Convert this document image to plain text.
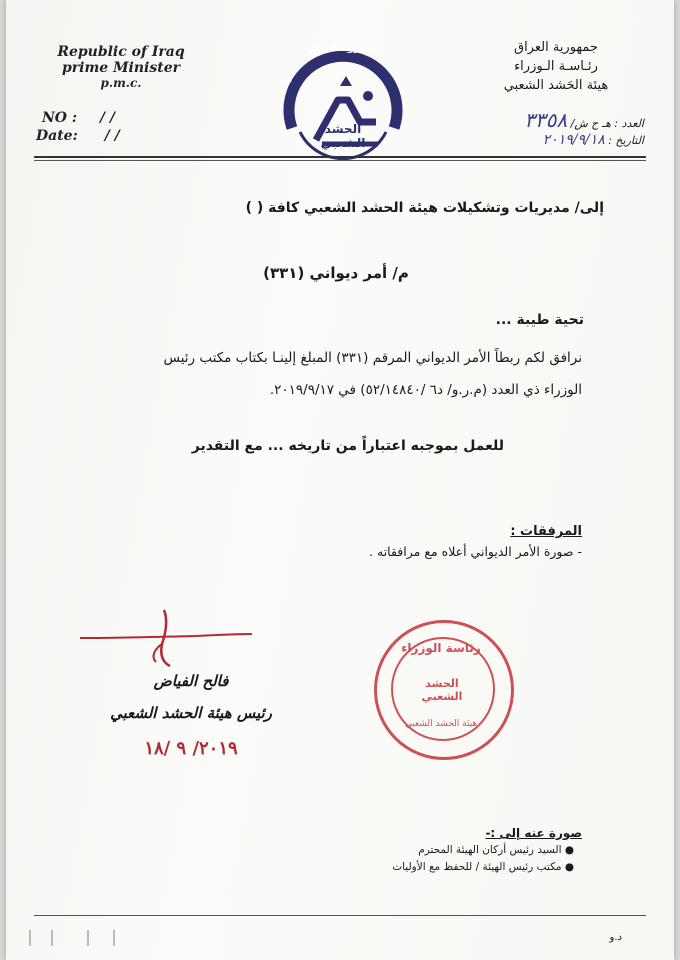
Republic of Iraq
prime Minister
p.m.c.
NO : / /
Date: / /
جمهورية العراق
هيئة
الحشد الشعبي
جمهورية العراق
رئـاسـة الـوزراء
هيئة الحَشد الشعبي
العدد : هـ ح ش/ ٣٣٥٨
التاريخ : ٢٠١٩/٩/١٨
إلى/ مديريات وتشكيلات هيئة الحشد الشعبي كافة ( )
م/ أمر ديواني (٣٣١)
تحية طيبة ...
نرافق لكم ربطاً الأمر الديواني المرقم (٣٣١) المبلغ إلينـا بكتاب مكتب رئيس
الوزراء ذي العدد (م.ر.و/ د٦ /٥٢/١٤٨٤٠) في ٢٠١٩/٩/١٧.
للعمل بموجبه اعتباراً من تاريخه ... مع التقدير
المرفقات :
- صورة الأمر الديواني أعلاه مع مرافقاته .
فالح الفياض
رئيس هيئة الحشد الشعبي
٢٠١٩/ ٩ /١٨
رئاسة الوزراء
الحشد الشعبي
هيئة الحشد الشعبي
صورة عنه إلى :-
● السيد رئيس أركان الهيئة المحترم
● مكتب رئيس الهيئة / للحفظ مع الأوليات
د.و
